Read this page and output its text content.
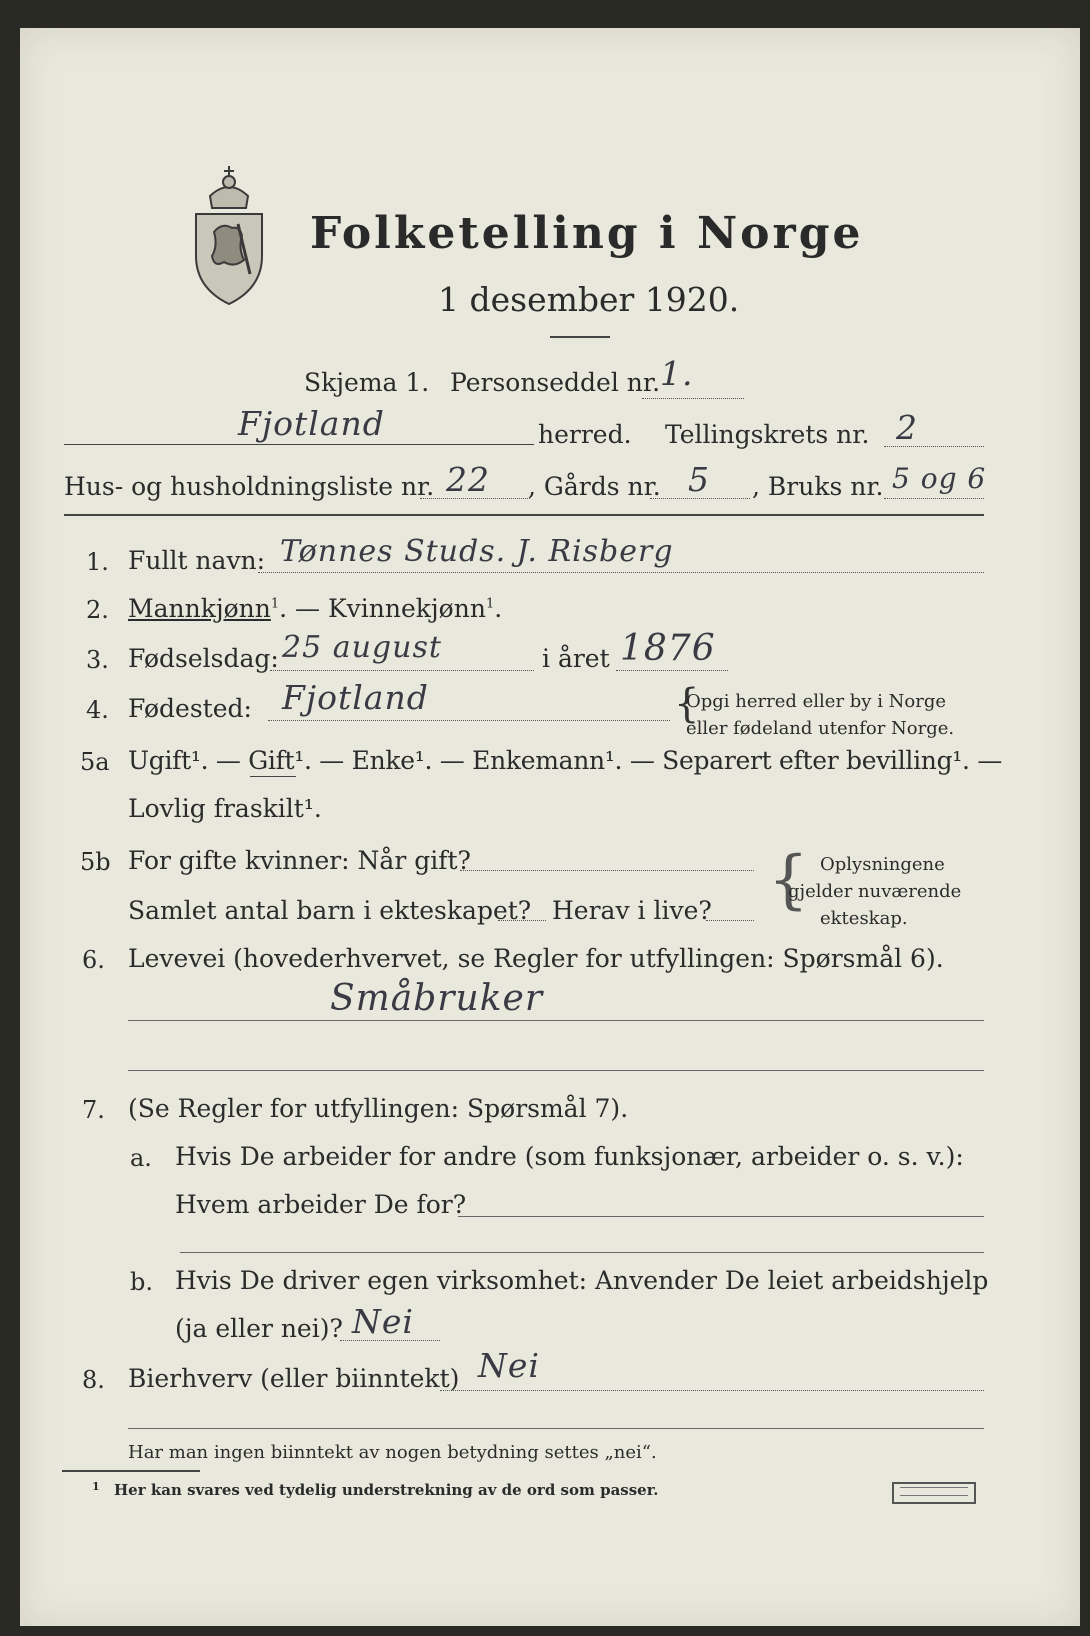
Folketelling i Norge
1 desember 1920.
Skjema 1. Personseddel nr. 1.
Fjotland	herred. Tellingskrets nr. 2
Hus- og husholdningsliste nr. 22 , Gårds nr. 5 , Bruks nr. 5 og 6
1. Fullt navn: Tønnes Studs. J. Risberg
2. Mannkjønn$^1$. — Kvinnekjønn$^1$.
3. Fødselsdag: 25 august	i året 1876
4. Fødested: Fjotland	{
Opgi herred eller by i Norge
eller fødeland utenfor Norge.
5a Ugift¹. — Gift¹. — Enke¹. — Enkemann¹. — Separert efter bevilling¹. —
Lovlig fraskilt¹.
5b For gifte kvinner: Når gift?
Samlet antal barn i ekteskapet? Herav i live? { Oplysningene
gjelder nuværende
ekteskap.
6. Levevei (hovederhvervet, se Regler for utfyllingen: Spørsmål 6).
Småbruker
7. (Se Regler for utfyllingen: Spørsmål 7).
a. Hvis De arbeider for andre (som funksjonær, arbeider o. s. v.):
Hvem arbeider De for?
b. Hvis De driver egen virksomhet: Anvender De leiet arbeidshjelp
(ja eller nei)? Nei
8. Bierhverv (eller biinntekt) Nei
Har man ingen biinntekt av nogen betydning settes „nei“.
1 Her kan svares ved tydelig understrekning av de ord som passer.
